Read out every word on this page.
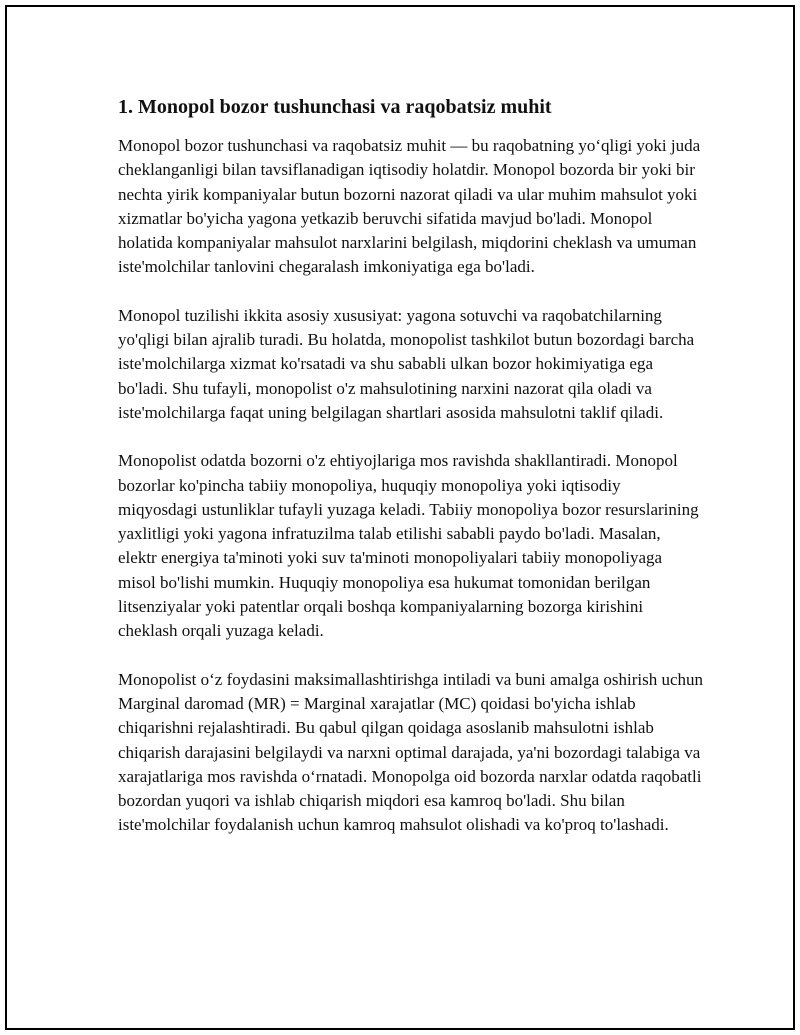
1. Monopol bozor tushunchasi va raqobatsiz muhit

Monopol bozor tushunchasi va raqobatsiz muhit — bu raqobatning yo‘qligi yoki juda cheklanganligi bilan tavsiflanadigan iqtisodiy holatdir. Monopol bozorda bir yoki bir nechta yirik kompaniyalar butun bozorni nazorat qiladi va ular muhim mahsulot yoki xizmatlar bo'yicha yagona yetkazib beruvchi sifatida mavjud bo'ladi. Monopol holatida kompaniyalar mahsulot narxlarini belgilash, miqdorini cheklash va umuman iste'molchilar tanlovini chegaralash imkoniyatiga ega bo'ladi.

Monopol tuzilishi ikkita asosiy xususiyat: yagona sotuvchi va raqobatchilarning yo'qligi bilan ajralib turadi. Bu holatda, monopolist tashkilot butun bozordagi barcha iste'molchilarga xizmat ko'rsatadi va shu sababli ulkan bozor hokimiyatiga ega bo'ladi. Shu tufayli, monopolist o'z mahsulotining narxini nazorat qila oladi va iste'molchilarga faqat uning belgilagan shartlari asosida mahsulotni taklif qiladi.

Monopolist odatda bozorni o'z ehtiyojlariga mos ravishda shakllantiradi. Monopol bozorlar ko'pincha tabiiy monopoliya, huquqiy monopoliya yoki iqtisodiy miqyosdagi ustunliklar tufayli yuzaga keladi. Tabiiy monopoliya bozor resurslarining yaxlitligi yoki yagona infratuzilma talab etilishi sababli paydo bo'ladi. Masalan, elektr energiya ta'minoti yoki suv ta'minoti monopoliyalari tabiiy monopoliyaga misol bo'lishi mumkin. Huquqiy monopoliya esa hukumat tomonidan berilgan litsenziyalar yoki patentlar orqali boshqa kompaniyalarning bozorga kirishini cheklash orqali yuzaga keladi.

Monopolist o‘z foydasini maksimallashtirishga intiladi va buni amalga oshirish uchun Marginal daromad (MR) = Marginal xarajatlar (MC) qoidasi bo'yicha ishlab chiqarishni rejalashtiradi. Bu qabul qilgan qoidaga asoslanib mahsulotni ishlab chiqarish darajasini belgilaydi va narxni optimal darajada, ya'ni bozordagi talabiga va xarajatlariga mos ravishda o‘rnatadi. Monopolga oid bozorda narxlar odatda raqobatli bozordan yuqori va ishlab chiqarish miqdori esa kamroq bo'ladi. Shu bilan iste'molchilar foydalanish uchun kamroq mahsulot olishadi va ko'proq to'lashadi.
